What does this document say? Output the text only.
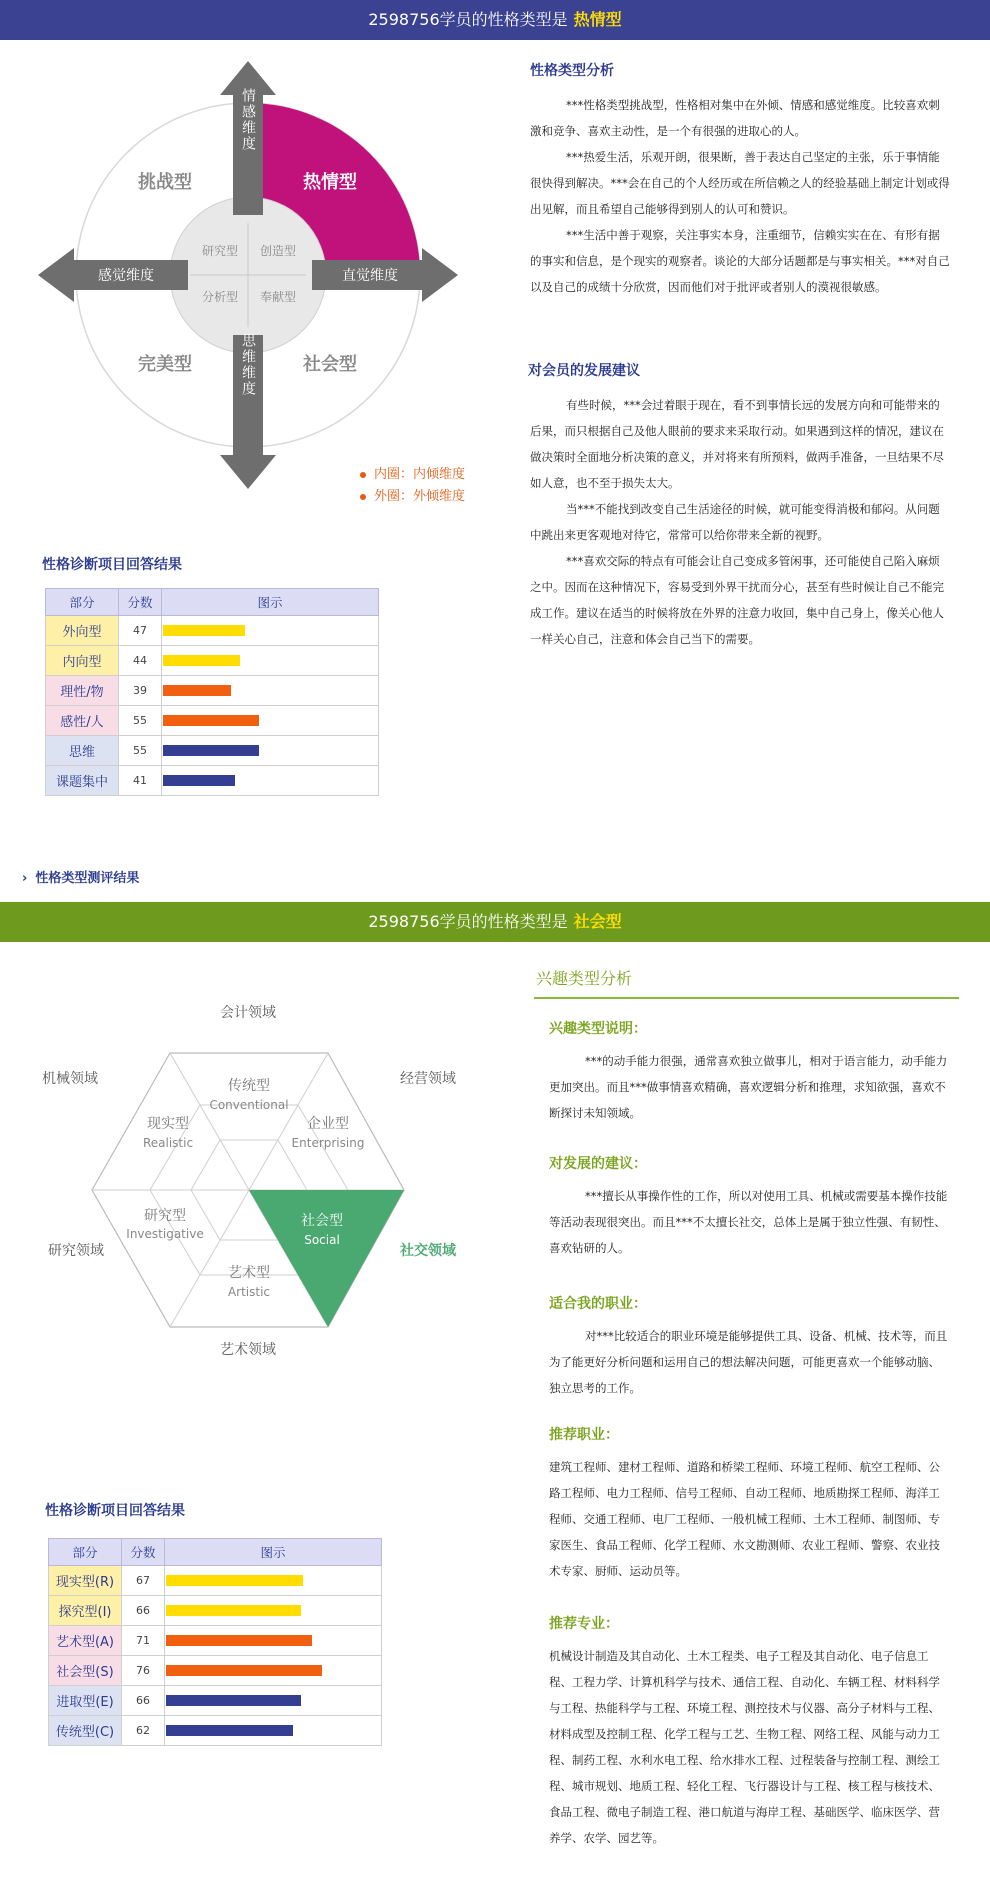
2598756学员的性格类型是 热情型
情感维度
思维维度
感觉维度	直觉维度
挑战型	热情型
完美型	社会型
研究型 创造型
分析型 奉献型
内圈：内倾维度
外圈：外倾维度
性格类型分析

***性格类型挑战型，性格相对集中在外倾、情感和感觉维度。比较喜欢刺激和竞争、喜欢主动性，是一个有很强的进取心的人。

***热爱生活，乐观开朗，很果断，善于表达自己坚定的主张，乐于事情能很快得到解决。***会在自己的个人经历或在所信赖之人的经验基础上制定计划或得出见解，而且希望自己能够得到别人的认可和赞识。

***生活中善于观察，关注事实本身，注重细节，信赖实实在在、有形有据的事实和信息，是个现实的观察者。谈论的大部分话题都是与事实相关。***对自己以及自己的成绩十分欣赏，因而他们对于批评或者别人的漠视很敏感。

对会员的发展建议

有些时候，***会过着眼于现在，看不到事情长远的发展方向和可能带来的后果，而只根据自己及他人眼前的要求来采取行动。如果遇到这样的情况，建议在做决策时全面地分析决策的意义，并对将来有所预料，做两手准备，一旦结果不尽如人意，也不至于损失太大。

当***不能找到改变自己生活途径的时候，就可能变得消极和郁闷。从问题中跳出来更客观地对待它，常常可以给你带来全新的视野。

***喜欢交际的特点有可能会让自己变成多管闲事，还可能使自己陷入麻烦之中。因而在这种情况下，容易受到外界干扰而分心，甚至有些时候让自己不能完成工作。建议在适当的时候将放在外界的注意力收回，集中自己身上，像关心他人一样关心自己，注意和体会自己当下的需要。

性格诊断项目回答结果
部分	分数	图示
外向型	47	

内向型	44	

理性/物	39	

感性/人	55	

思维	55	

课题集中	41	
› 性格类型测评结果
2598756学员的性格类型是 社会型
会计领域
机械领域	经营领域
研究领域	社交领域
艺术领域
传统型
Conventional
企业型
Enterprising
社会型
Social
艺术型
Artistic
研究型
Investigative
现实型
Realistic
兴趣类型分析
兴趣类型说明：

***的动手能力很强，通常喜欢独立做事儿，相对于语言能力，动手能力更加突出。而且***做事情喜欢精确，喜欢逻辑分析和推理，求知欲强，喜欢不断探讨未知领域。

对发展的建议：

***擅长从事操作性的工作，所以对使用工具、机械或需要基本操作技能等活动表现很突出。而且***不太擅长社交，总体上是属于独立性强、有韧性、喜欢钻研的人。

适合我的职业：

对***比较适合的职业环境是能够提供工具、设备、机械、技术等，而且为了能更好分析问题和运用自己的想法解决问题，可能更喜欢一个能够动脑、独立思考的工作。

推荐职业：

建筑工程师、建材工程师、道路和桥梁工程师、环境工程师、航空工程师、公路工程师、电力工程师、信号工程师、自动工程师、地质勘探工程师、海洋工程师、交通工程师、电厂工程师、一般机械工程师、土木工程师、制图师、专家医生、食品工程师、化学工程师、水文勘测师、农业工程师、警察、农业技术专家、厨师、运动员等。

推荐专业：

机械设计制造及其自动化、土木工程类、电子工程及其自动化、电子信息工程、工程力学、计算机科学与技术、通信工程、自动化、车辆工程、材料科学与工程、热能科学与工程、环境工程、测控技术与仪器、高分子材料与工程、材料成型及控制工程、化学工程与工艺、生物工程、网络工程、风能与动力工程、制药工程、水利水电工程、给水排水工程、过程装备与控制工程、测绘工程、城市规划、地质工程、轻化工程、飞行器设计与工程、核工程与核技术、食品工程、微电子制造工程、港口航道与海岸工程、基础医学、临床医学、营养学、农学、园艺等。

性格诊断项目回答结果
部分	分数	图示
现实型(R)	67	

探究型(I)	66	

艺术型(A)	71	

社会型(S)	76	

进取型(E)	66	

传统型(C)	62	
